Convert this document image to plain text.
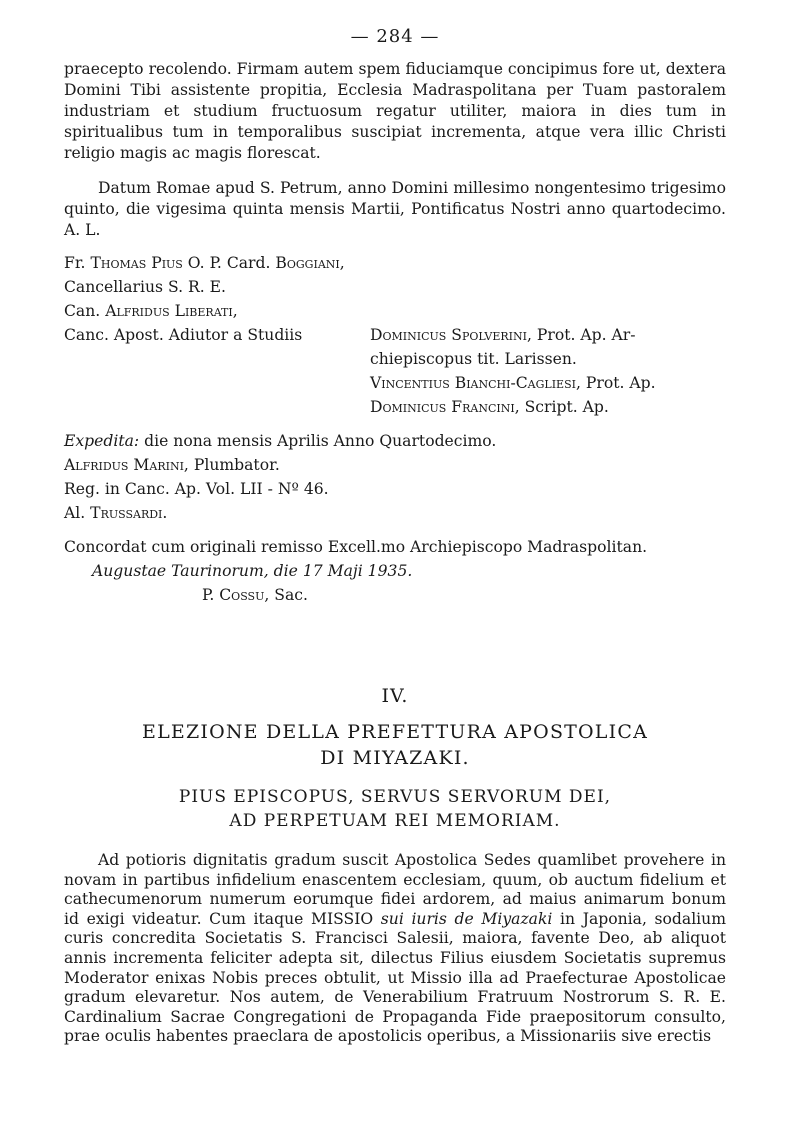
— 284 —

praecepto recolendo. Firmam autem spem fiduciamque concipimus fore ut, dextera Domini Tibi assistente propitia, Ecclesia Madraspolitana per Tuam pastoralem industriam et studium fructuosum regatur utiliter, maiora in dies tum in spiritualibus tum in temporalibus suscipiat incrementa, atque vera illic Christi religio magis ac magis florescat.

Datum Romae apud S. Petrum, anno Domini millesimo nongentesimo trigesimo quinto, die vigesima quinta mensis Martii, Pontificatus Nostri anno quartodecimo. A. L.

Fr. Thomas Pius O. P. Card. Boggiani,
Cancellarius S. R. E.
Can. Alfridus Liberati,
Canc. Apost. Adiutor a Studiis	Dominicus Spolverini, Prot. Ap. Ar-
chiepiscopus tit. Larissen.
Vincentius Bianchi-Cagliesi, Prot. Ap.
Dominicus Francini, Script. Ap.
Expedita: die nona mensis Aprilis Anno Quartodecimo.
Alfridus Marini, Plumbator.
Reg. in Canc. Ap. Vol. LII - Nº 46.
Al. Trussardi.
Concordat cum originali remisso Excell.mo Archiepiscopo Madraspolitan.
Augustae Taurinorum, die 17 Maji 1935.
P. Cossu, Sac.
IV.
ELEZIONE DELLA PREFETTURA APOSTOLICA
DI MIYAZAKI.
PIUS EPISCOPUS, SERVUS SERVORUM DEI,
AD PERPETUAM REI MEMORIAM.

Ad potioris dignitatis gradum suscit Apostolica Sedes quamlibet provehere in novam in partibus infidelium enascentem ecclesiam, quum, ob auctum fidelium et cathecumenorum numerum eorumque fidei ardorem, ad maius animarum bonum id exigi videatur. Cum itaque MISSIO sui iuris de Miyazaki in Japonia, sodalium curis concredita Societatis S. Francisci Salesii, maiora, favente Deo, ab aliquot annis incrementa feliciter adepta sit, dilectus Filius eiusdem Societatis supremus Moderator enixas Nobis preces obtulit, ut Missio illa ad Praefecturae Apostolicae gradum elevaretur. Nos autem, de Venerabilium Fratruum Nostrorum S. R. E. Cardinalium Sacrae Congregationi de Propaganda Fide praepositorum consulto, prae oculis habentes praeclara de apostolicis operibus, a Missionariis sive erectis
